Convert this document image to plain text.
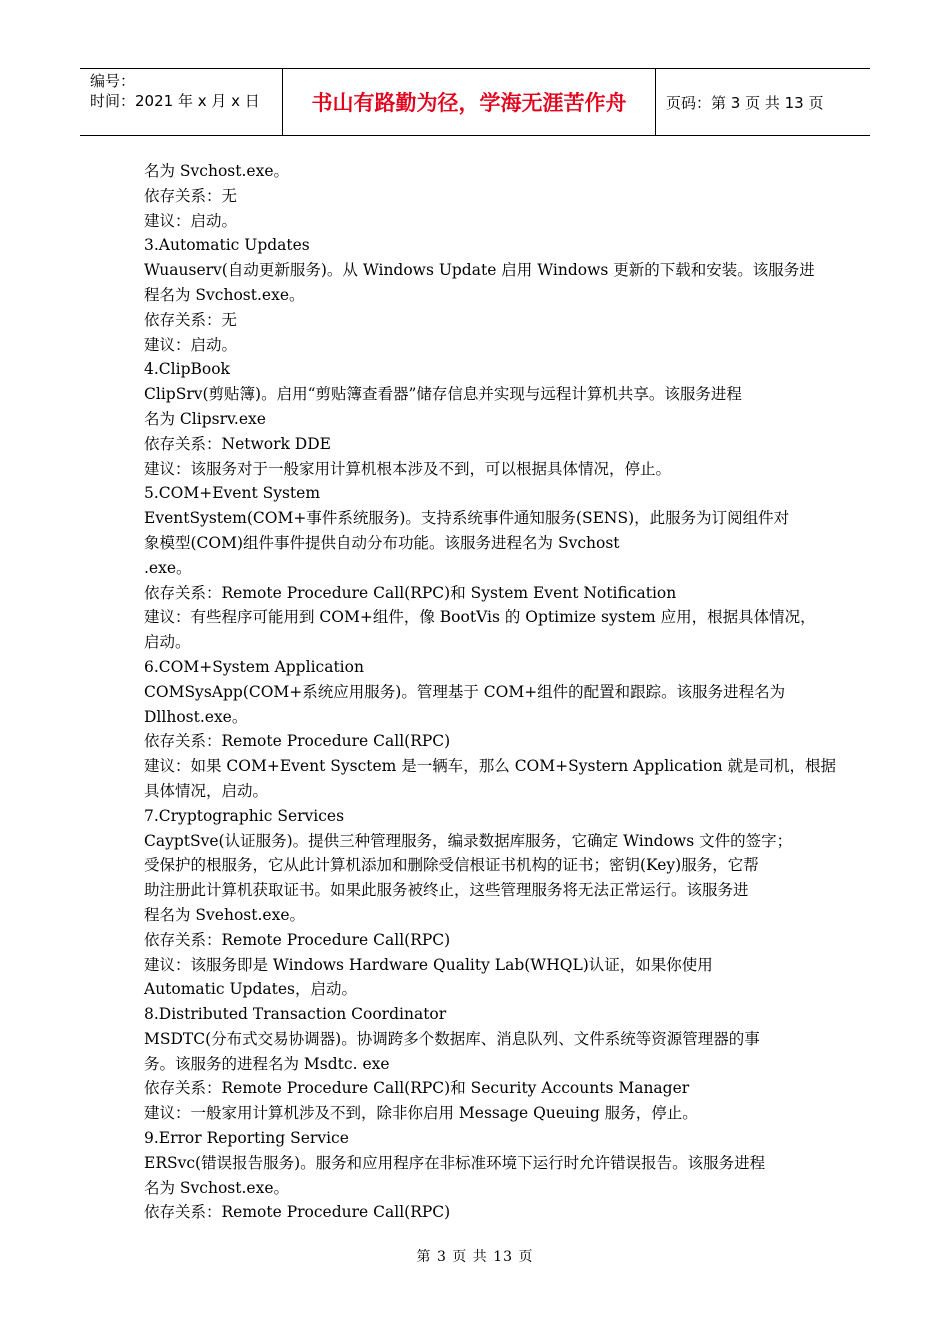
编号：
时间：2021 年 x 月 x 日	书山有路勤为径，学海无涯苦作舟	页码：第 3 页 共 13 页

名为 Svchost.exe。

依存关系：无

建议：启动。

3.Automatic Updates

Wuauserv(自动更新服务)。从 Windows Update 启用 Windows 更新的下载和安装。该服务进

程名为 Svchost.exe。

依存关系：无

建议：启动。

4.ClipBook

ClipSrv(剪贴簿)。启用“剪贴簿查看器”储存信息并实现与远程计算机共享。该服务进程

名为 Clipsrv.exe

依存关系：Network DDE

建议：该服务对于一般家用计算机根本涉及不到，可以根据具体情况，停止。

5.COM+Event System

EventSystem(COM+事件系统服务)。支持系统事件通知服务(SENS)，此服务为订阅组件对

象模型(COM)组件事件提供自动分布功能。该服务进程名为 Svchost

.exe。

依存关系：Remote Procedure Call(RPC)和 System Event Notification

建议：有些程序可能用到 COM+组件，像 BootVis 的 Optimize system 应用，根据具体情况，

启动。

6.COM+System Application

COMSysApp(COM+系统应用服务)。管理基于 COM+组件的配置和跟踪。该服务进程名为

Dllhost.exe。

依存关系：Remote Procedure Call(RPC)

建议：如果 COM+Event Sysctem 是一辆车，那么 COM+Systern Application 就是司机，根据

具体情况，启动。

7.Cryptographic Services

CayptSve(认证服务)。提供三种管理服务，编录数据库服务，它确定 Windows 文件的签字；

受保护的根服务，它从此计算机添加和删除受信根证书机构的证书；密钥(Key)服务，它帮

助注册此计算机获取证书。如果此服务被终止，这些管理服务将无法正常运行。该服务进

程名为 Svehost.exe。

依存关系：Remote Procedure Call(RPC)

建议：该服务即是 Windows Hardware Quality Lab(WHQL)认证，如果你使用

Automatic Updates，启动。

8.Distributed Transaction Coordinator

MSDTC(分布式交易协调器)。协调跨多个数据库、消息队列、文件系统等资源管理器的事

务。该服务的进程名为 Msdtc. exe

依存关系：Remote Procedure Call(RPC)和 Security Accounts Manager

建议：一般家用计算机涉及不到，除非你启用 Message Queuing 服务，停止。

9.Error Reporting Service

ERSvc(错误报告服务)。服务和应用程序在非标准环境下运行时允许错误报告。该服务进程

名为 Svchost.exe。

依存关系：Remote Procedure Call(RPC)

第 3 页 共 13 页
